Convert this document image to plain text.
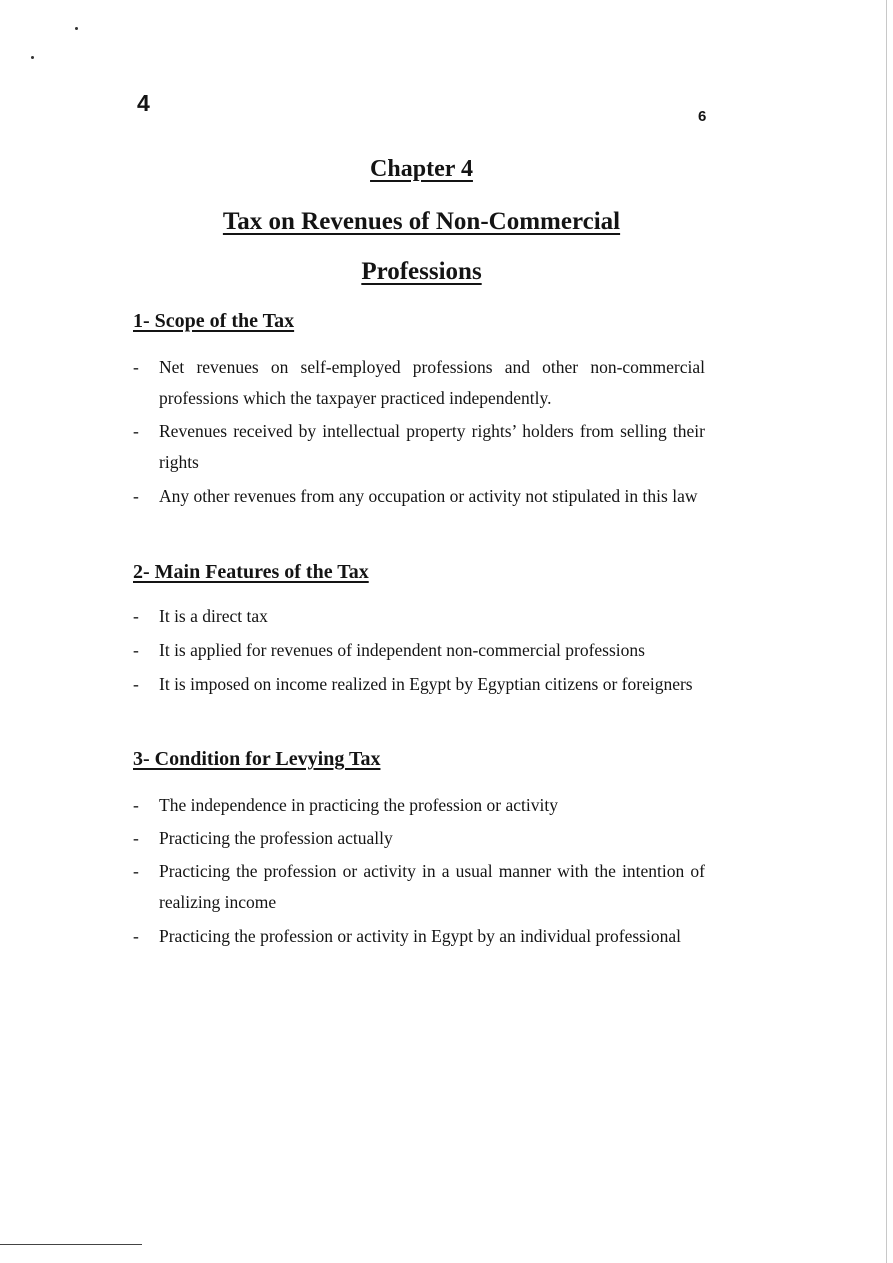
4
6
Chapter 4
Tax on Revenues of Non-Commercial
Professions
1- Scope of the Tax
- Net revenues on self-employed professions and other non-commercial professions which the taxpayer practiced independently.
- Revenues received by intellectual property rights’ holders from selling their rights
- Any other revenues from any occupation or activity not stipulated in this law
2- Main Features of the Tax
- It is a direct tax
- It is applied for revenues of independent non-commercial professions
- It is imposed on income realized in Egypt by Egyptian citizens or foreigners
3- Condition for Levying Tax
- The independence in practicing the profession or activity
- Practicing the profession actually
- Practicing the profession or activity in a usual manner with the intention of realizing income
- Practicing the profession or activity in Egypt by an individual professional
